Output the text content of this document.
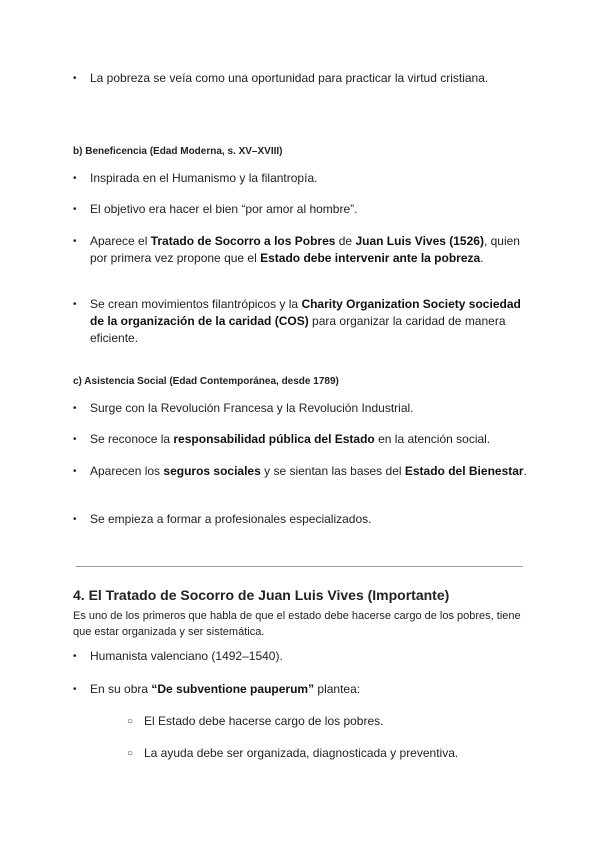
• La pobreza se veía como una oportunidad para practicar la virtud cristiana.

b) Beneficencia (Edad Moderna, s. XV–XVIII)

• Inspirada en el Humanismo y la filantropía.

• El objetivo era hacer el bien “por amor al hombre”.

• Aparece el Tratado de Socorro a los Pobres de Juan Luis Vives (1526), quien por primera vez propone que el Estado debe intervenir ante la pobreza.

• Se crean movimientos filantrópicos y la Charity Organization Society sociedad de la organización de la caridad (COS) para organizar la caridad de manera eficiente.

c) Asistencia Social (Edad Contemporánea, desde 1789)

• Surge con la Revolución Francesa y la Revolución Industrial.

• Se reconoce la responsabilidad pública del Estado en la atención social.

• Aparecen los seguros sociales y se sientan las bases del Estado del Bienestar.

• Se empieza a formar a profesionales especializados.

4. El Tratado de Socorro de Juan Luis Vives (Importante)

Es uno de los primeros que habla de que el estado debe hacerse cargo de los pobres, tiene que estar organizada y ser sistemática.

• Humanista valenciano (1492–1540).

• En su obra “De subventione pauperum” plantea:

○ El Estado debe hacerse cargo de los pobres.

○ La ayuda debe ser organizada, diagnosticada y preventiva.
